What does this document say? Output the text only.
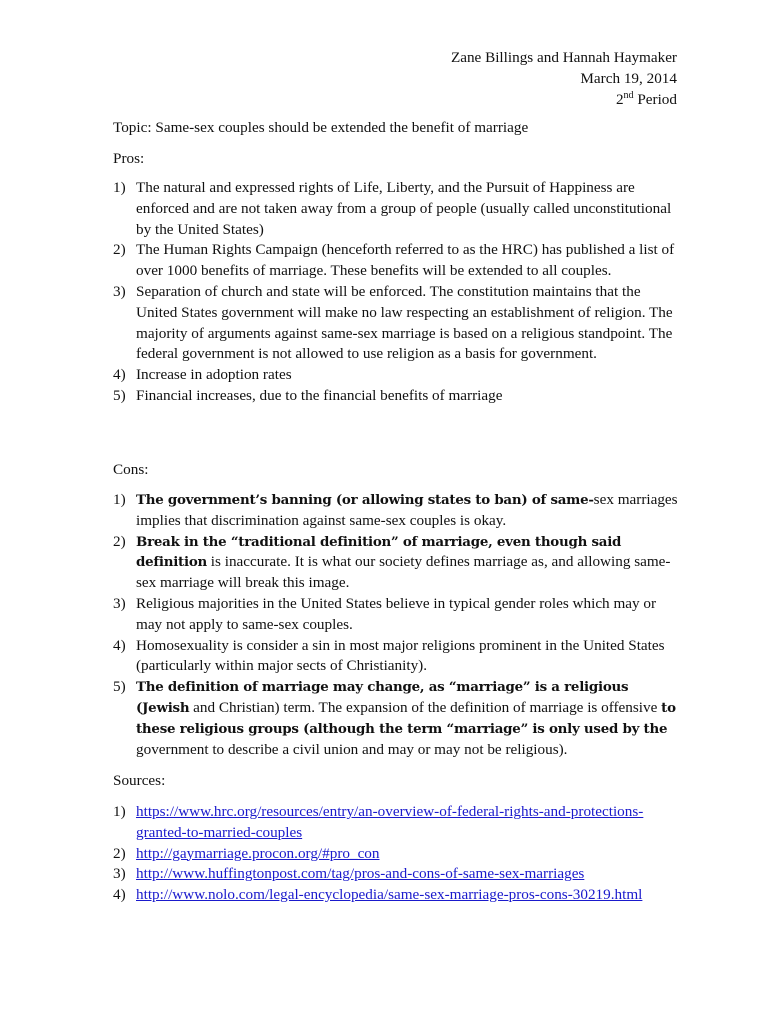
Zane Billings and Hannah Haymaker
March 19, 2014
2nd Period
Topic: Same-sex couples should be extended the benefit of marriage
Pros:
1) The natural and expressed rights of Life, Liberty, and the Pursuit of Happiness are enforced and are not taken away from a group of people (usually called unconstitutional by the United States)
2) The Human Rights Campaign (henceforth referred to as the HRC) has published a list of over 1000 benefits of marriage. These benefits will be extended to all couples.
3) Separation of church and state will be enforced. The constitution maintains that the United States government will make no law respecting an establishment of religion. The majority of arguments against same-sex marriage is based on a religious standpoint. The federal government is not allowed to use religion as a basis for government.
4) Increase in adoption rates
5) Financial increases, due to the financial benefits of marriage
Cons:
1) The government’s banning (or allowing states to ban) of same-sex marriages implies that discrimination against same-sex couples is okay.
2) Break in the “traditional definition” of marriage, even though said definition is inaccurate. It is what our society defines marriage as, and allowing same-sex marriage will break this image.
3) Religious majorities in the United States believe in typical gender roles which may or may not apply to same-sex couples.
4) Homosexuality is consider a sin in most major religions prominent in the United States (particularly within major sects of Christianity).
5) The definition of marriage may change, as “marriage” is a religious (Jewish and Christian) term. The expansion of the definition of marriage is offensive to these religious groups (although the term “marriage” is only used by the government to describe a civil union and may or may not be religious).
Sources:
1) https://www.hrc.org/resources/entry/an-overview-of-federal-rights-and-protections-granted-to-married-couples
2) http://gaymarriage.procon.org/#pro_con
3) http://www.huffingtonpost.com/tag/pros-and-cons-of-same-sex-marriages
4) http://www.nolo.com/legal-encyclopedia/same-sex-marriage-pros-cons-30219.html
